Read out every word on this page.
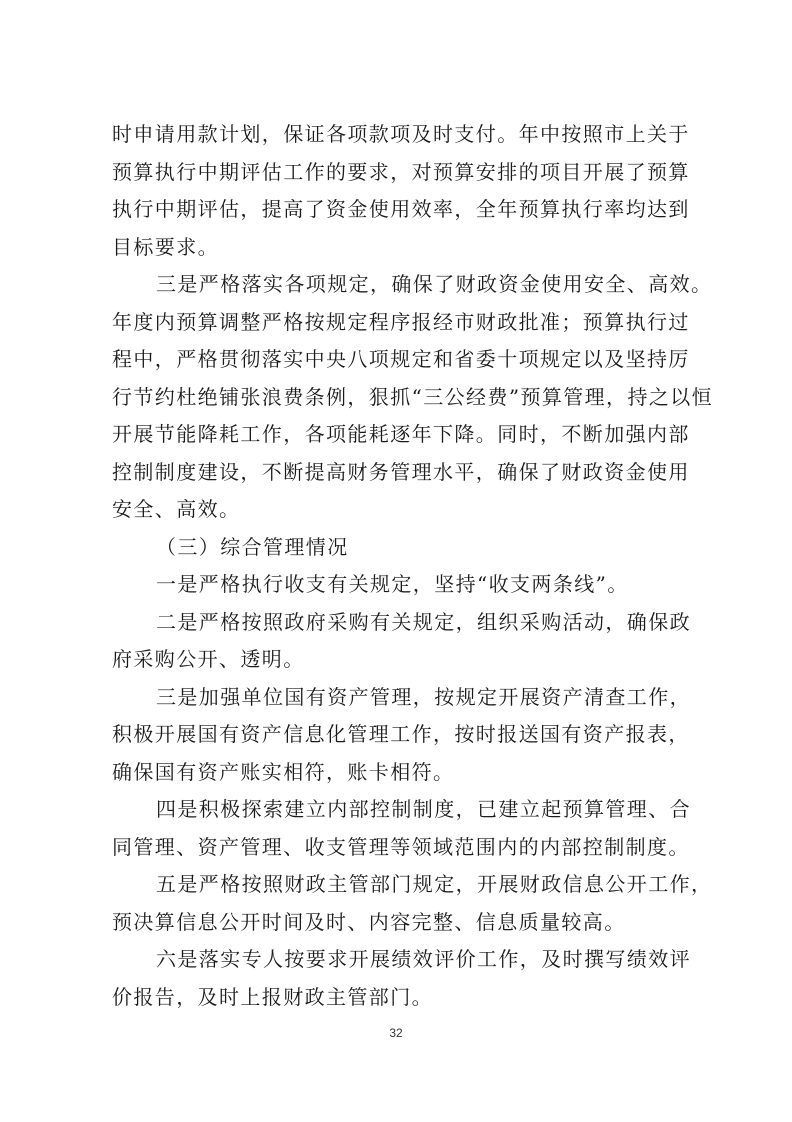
时申请用款计划，保证各项款项及时支付。年中按照市上关于
预算执行中期评估工作的要求，对预算安排的项目开展了预算
执行中期评估，提高了资金使用效率，全年预算执行率均达到
目标要求。
三是严格落实各项规定，确保了财政资金使用安全、高效。
年度内预算调整严格按规定程序报经市财政批准；预算执行过
程中，严格贯彻落实中央八项规定和省委十项规定以及坚持厉
行节约杜绝铺张浪费条例，狠抓“三公经费”预算管理，持之以恒
开展节能降耗工作，各项能耗逐年下降。同时，不断加强内部
控制制度建设，不断提高财务管理水平，确保了财政资金使用
安全、高效。
（三）综合管理情况
一是严格执行收支有关规定，坚持“收支两条线”。
二是严格按照政府采购有关规定，组织采购活动，确保政
府采购公开、透明。
三是加强单位国有资产管理，按规定开展资产清查工作，
积极开展国有资产信息化管理工作，按时报送国有资产报表，
确保国有资产账实相符，账卡相符。
四是积极探索建立内部控制制度，已建立起预算管理、合
同管理、资产管理、收支管理等领域范围内的内部控制制度。
五是严格按照财政主管部门规定，开展财政信息公开工作，
预决算信息公开时间及时、内容完整、信息质量较高。
六是落实专人按要求开展绩效评价工作，及时撰写绩效评
价报告，及时上报财政主管部门。
32
